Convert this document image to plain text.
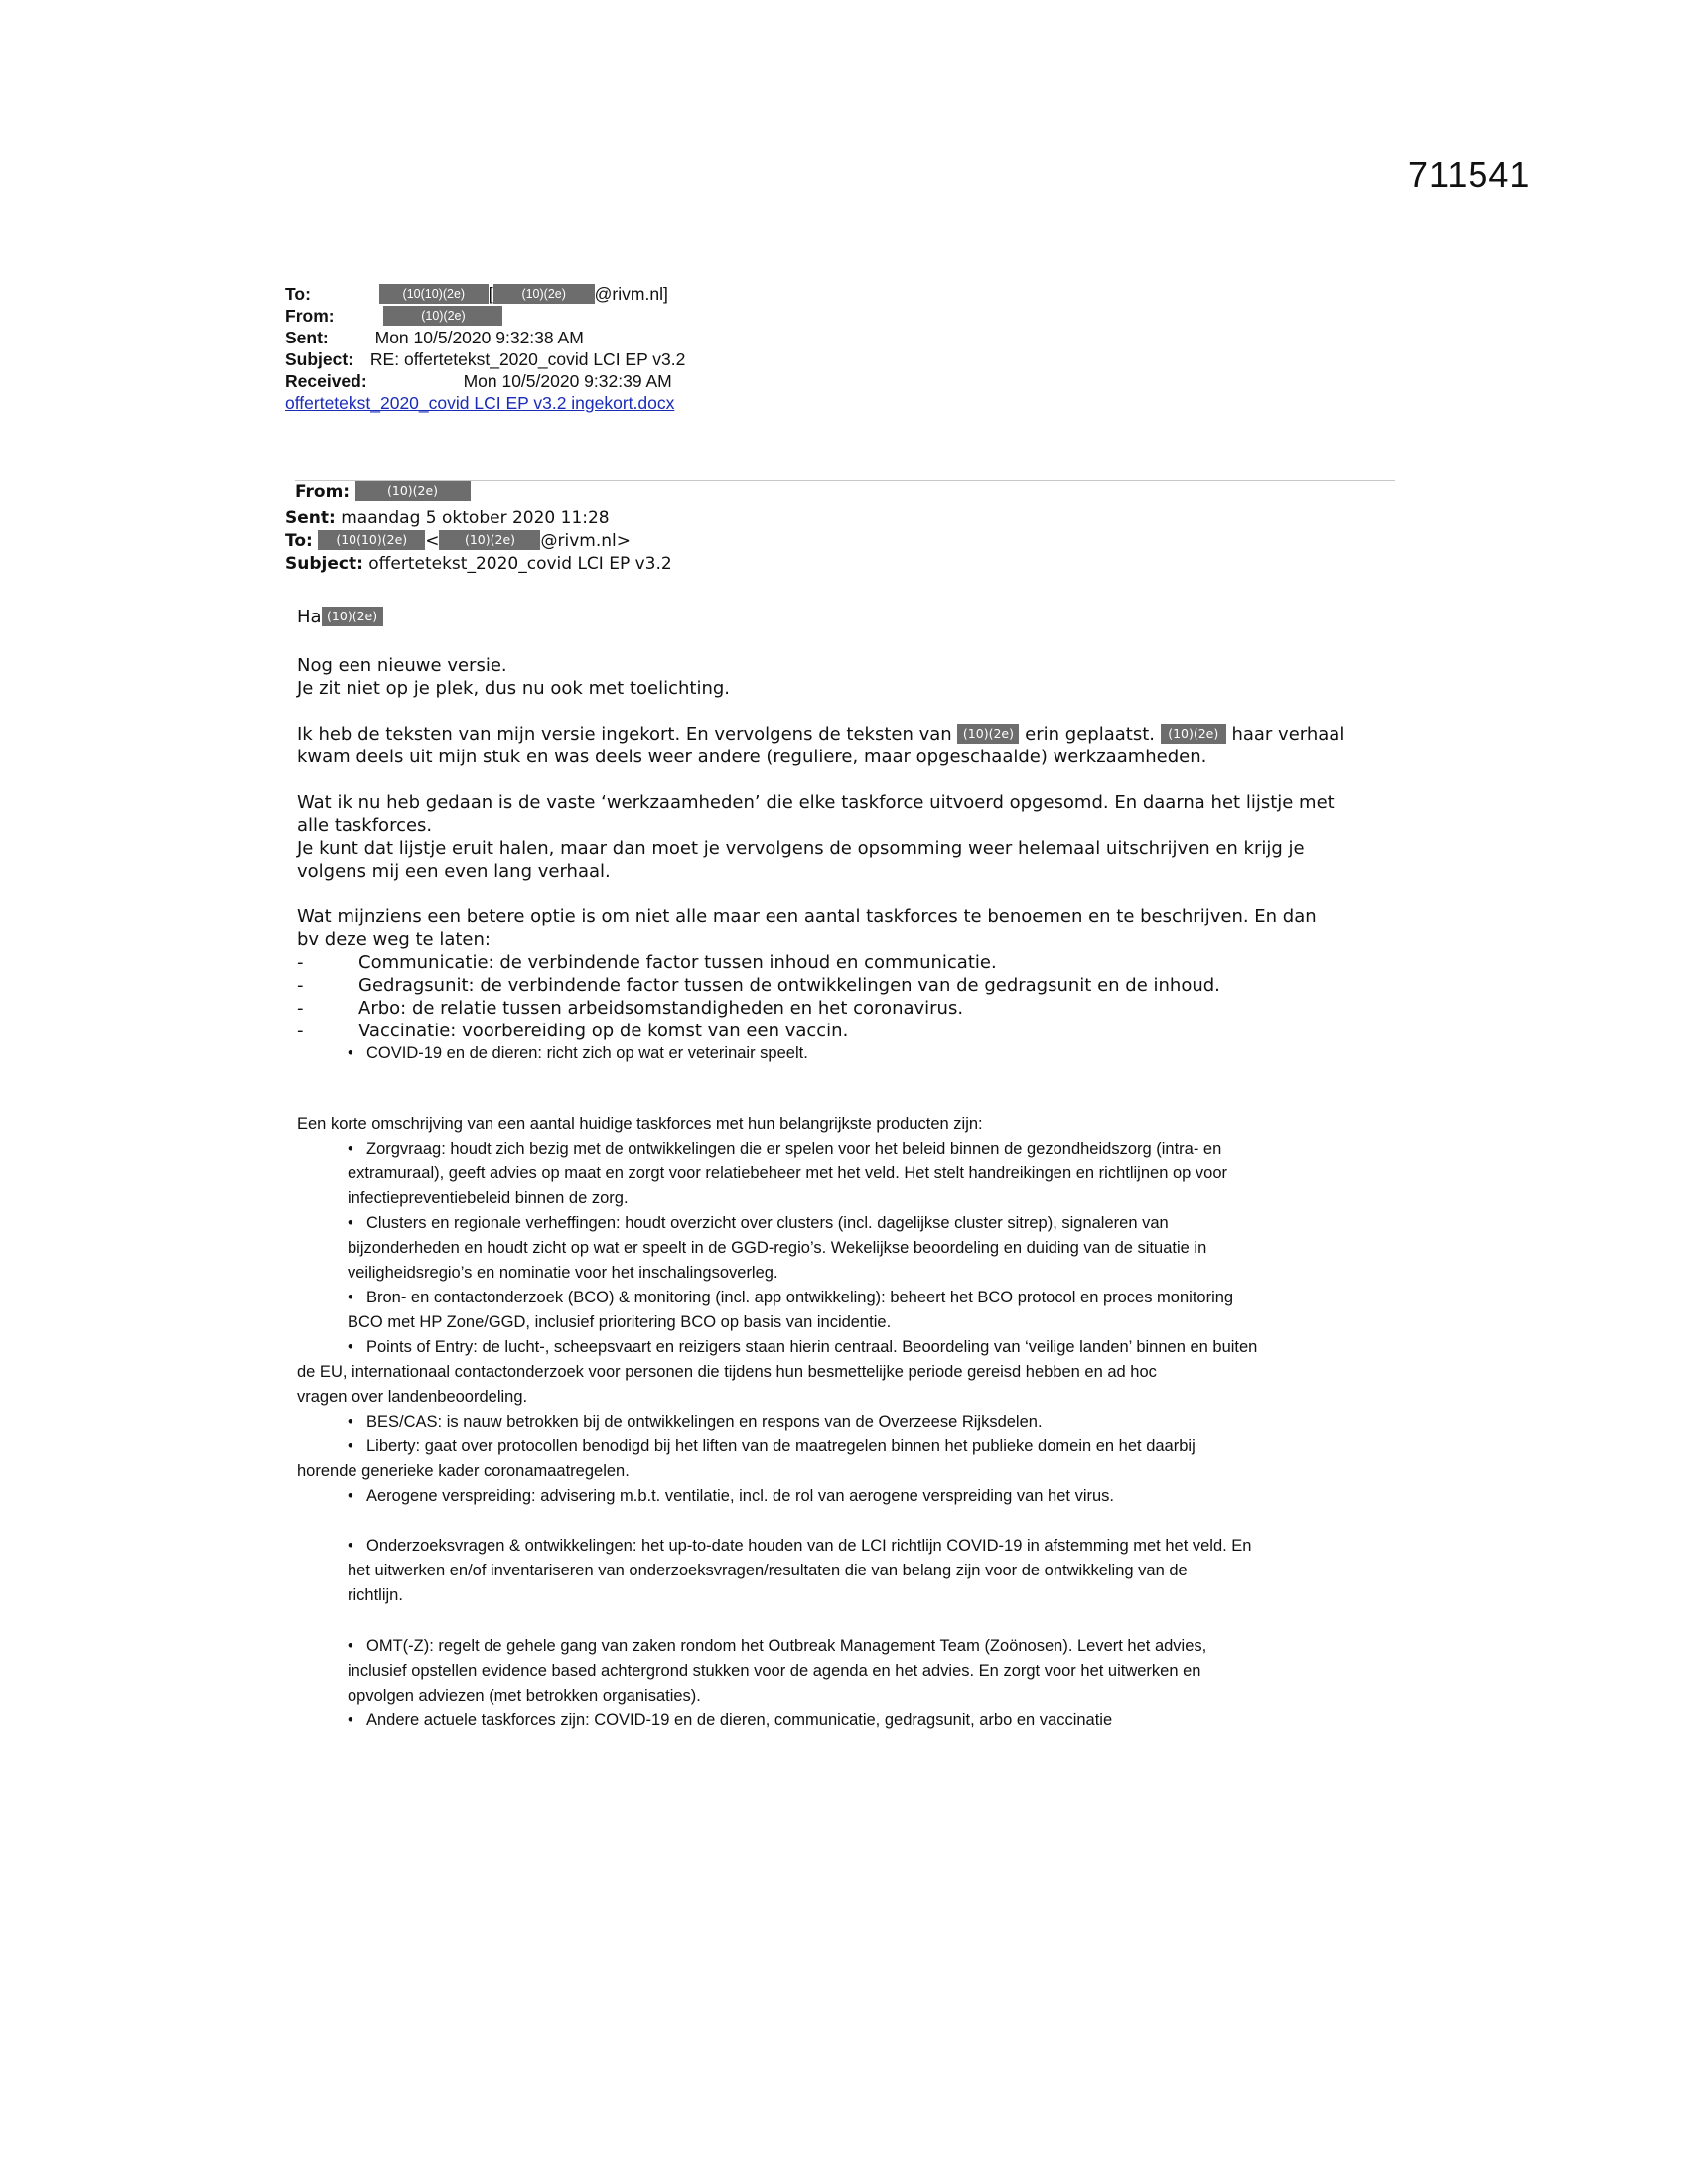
711541
To:	(10(10)(2e) [ (10)(2e) @rivm.nl]
From:	(10)(2e)
Sent:	Mon 10/5/2020 9:32:38 AM
Subject: RE: offertetekst_2020_covid LCI EP v3.2
Received:	Mon 10/5/2020 9:32:39 AM
offertetekst_2020_covid LCI EP v3.2 ingekort.docx
From:	(10)(2e)
Sent: maandag 5 oktober 2020 11:28
To: (10(10)(2e) < (10)(2e) @rivm.nl>
Subject: offertetekst_2020_covid LCI EP v3.2
Ha (10)(2e)
Nog een nieuwe versie.
Je zit niet op je plek, dus nu ook met toelichting.
Ik heb de teksten van mijn versie ingekort. En vervolgens de teksten van (10)(2e) erin geplaatst. (10)(2e) haar verhaal
kwam deels uit mijn stuk en was deels weer andere (reguliere, maar opgeschaalde) werkzaamheden.
Wat ik nu heb gedaan is de vaste ‘werkzaamheden’ die elke taskforce uitvoerd opgesomd. En daarna het lijstje met
alle taskforces.
Je kunt dat lijstje eruit halen, maar dan moet je vervolgens de opsomming weer helemaal uitschrijven en krijg je
volgens mij een even lang verhaal.
Wat mijnziens een betere optie is om niet alle maar een aantal taskforces te benoemen en te beschrijven. En dan
bv deze weg te laten:
-	Communicatie: de verbindende factor tussen inhoud en communicatie.
-	Gedragsunit: de verbindende factor tussen de ontwikkelingen van de gedragsunit en de inhoud.
-	Arbo: de relatie tussen arbeidsomstandigheden en het coronavirus.
-	Vaccinatie: voorbereiding op de komst van een vaccin.
• COVID-19 en de dieren: richt zich op wat er veterinair speelt.
Een korte omschrijving van een aantal huidige taskforces met hun belangrijkste producten zijn:
• Zorgvraag: houdt zich bezig met de ontwikkelingen die er spelen voor het beleid binnen de gezondheidszorg (intra- en
extramuraal), geeft advies op maat en zorgt voor relatiebeheer met het veld. Het stelt handreikingen en richtlijnen op voor
infectiepreventiebeleid binnen de zorg.
• Clusters en regionale verheffingen: houdt overzicht over clusters (incl. dagelijkse cluster sitrep), signaleren van
bijzonderheden en houdt zicht op wat er speelt in de GGD-regio’s. Wekelijkse beoordeling en duiding van de situatie in
veiligheidsregio’s en nominatie voor het inschalingsoverleg.
• Bron- en contactonderzoek (BCO) & monitoring (incl. app ontwikkeling): beheert het BCO protocol en proces monitoring
BCO met HP Zone/GGD, inclusief prioritering BCO op basis van incidentie.
• Points of Entry: de lucht-, scheepsvaart en reizigers staan hierin centraal. Beoordeling van ‘veilige landen’ binnen en buiten
de EU, internationaal contactonderzoek voor personen die tijdens hun besmettelijke periode gereisd hebben en ad hoc
vragen over landenbeoordeling.
• BES/CAS: is nauw betrokken bij de ontwikkelingen en respons van de Overzeese Rijksdelen.
• Liberty: gaat over protocollen benodigd bij het liften van de maatregelen binnen het publieke domein en het daarbij
horende generieke kader coronamaatregelen.
• Aerogene verspreiding: advisering m.b.t. ventilatie, incl. de rol van aerogene verspreiding van het virus.
• Onderzoeksvragen & ontwikkelingen: het up-to-date houden van de LCI richtlijn COVID-19 in afstemming met het veld. En
het uitwerken en/of inventariseren van onderzoeksvragen/resultaten die van belang zijn voor de ontwikkeling van de
richtlijn.
• OMT(-Z): regelt de gehele gang van zaken rondom het Outbreak Management Team (Zoönosen). Levert het advies,
inclusief opstellen evidence based achtergrond stukken voor de agenda en het advies. En zorgt voor het uitwerken en
opvolgen adviezen (met betrokken organisaties).
• Andere actuele taskforces zijn: COVID-19 en de dieren, communicatie, gedragsunit, arbo en vaccinatie
